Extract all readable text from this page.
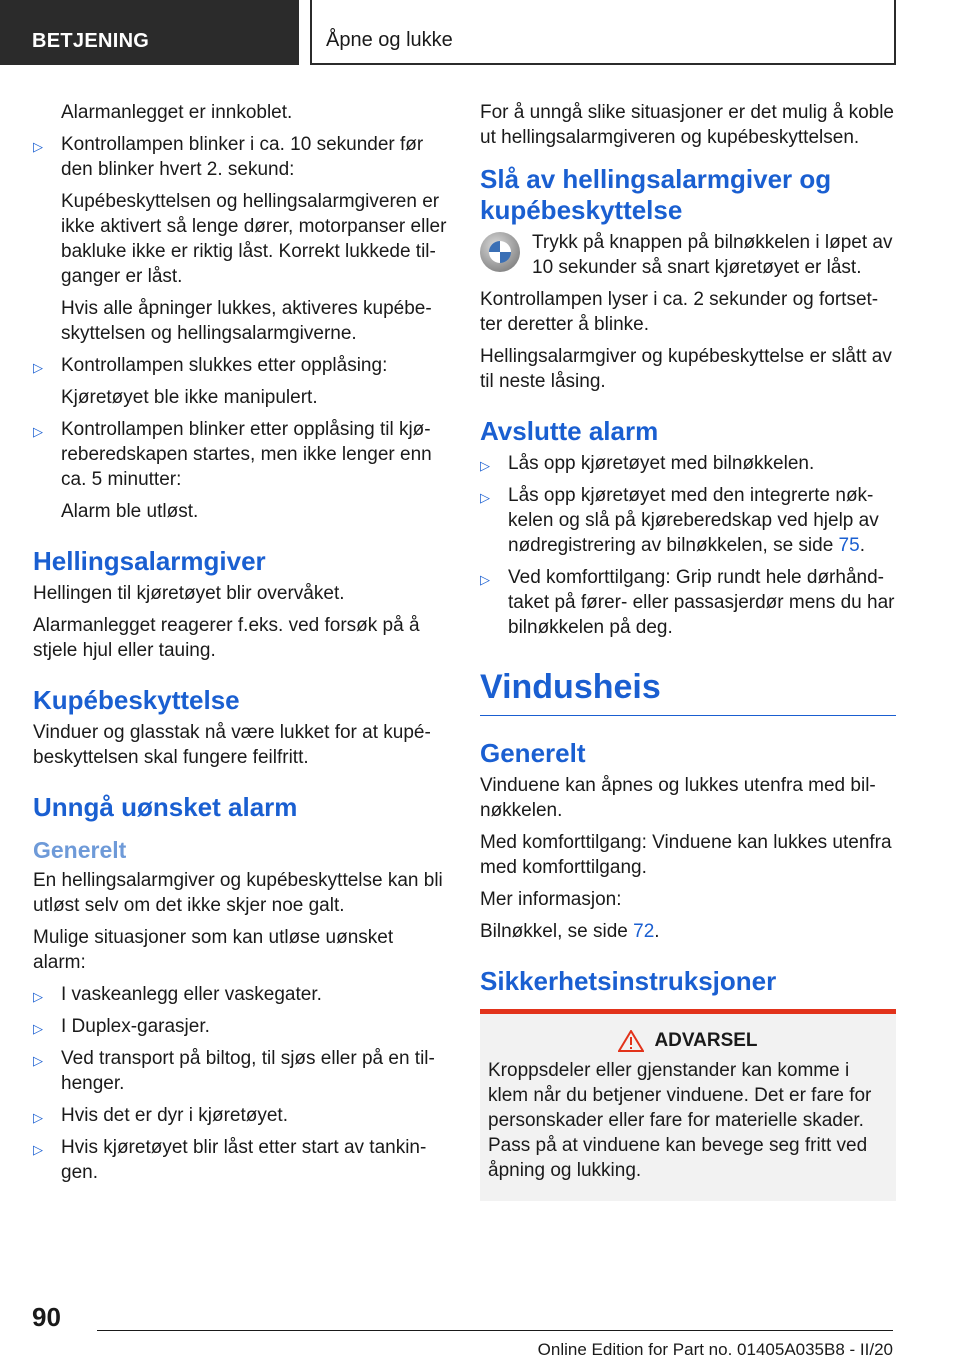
BETJENING	Åpne og lukke

Alarmanlegget er innkoblet.

▷ Kontrollampen blinker i ca. 10 sekunder før den blinker hvert 2. sekund:

Kupébeskyttelsen og hellingsalarmgiveren er ikke aktivert så lenge dører, motorpanser eller bakluke ikke er riktig låst. Korrekt lukkede til‐ganger er låst.

Hvis alle åpninger lukkes, aktiveres kupébe‐skyttelsen og hellingsalarmgiverne.

▷ Kontrollampen slukkes etter opplåsing:

Kjøretøyet ble ikke manipulert.

▷ Kontrollampen blinker etter opplåsing til kjø‐reberedskapen startes, men ikke lenger enn ca. 5 minutter:

Alarm ble utløst.

Hellingsalarmgiver

Hellingen til kjøretøyet blir overvåket.

Alarmanlegget reagerer f.eks. ved forsøk på å stjele hjul eller tauing.

Kupébeskyttelse

Vinduer og glasstak nå være lukket for at kupé‐beskyttelsen skal fungere feilfritt.

Unngå uønsket alarm
Generelt

En hellingsalarmgiver og kupébeskyttelse kan bli utløst selv om det ikke skjer noe galt.

Mulige situasjoner som kan utløse uønsket alarm:

▷ I vaskeanlegg eller vaskegater.
▷ I Duplex-garasjer.
▷ Ved transport på biltog, til sjøs eller på en til‐henger.
▷ Hvis det er dyr i kjøretøyet.
▷ Hvis kjøretøyet blir låst etter start av tankin‐gen.

For å unngå slike situasjoner er det mulig å koble ut hellingsalarmgiveren og kupébeskyttelsen.

Slå av hellingsalarmgiver og kupébeskyttelse

Trykk på knappen på bilnøkkelen i løpet av 10 sekunder så snart kjøretøyet er låst.

Kontrollampen lyser i ca. 2 sekunder og fortset‐ter deretter å blinke.

Hellingsalarmgiver og kupébeskyttelse er slått av til neste låsing.

Avslutte alarm
▷ Lås opp kjøretøyet med bilnøkkelen.
▷ Lås opp kjøretøyet med den integrerte nøk‐kelen og slå på kjøreberedskap ved hjelp av nødregistrering av bilnøkkelen, se side 75.
▷ Ved komforttilgang: Grip rundt hele dørhånd‐taket på fører- eller passasjerdør mens du har bilnøkkelen på deg.
Vindusheis
Generelt

Vinduene kan åpnes og lukkes utenfra med bil‐nøkkelen.

Med komforttilgang: Vinduene kan lukkes utenfra med komforttilgang.

Mer informasjon:

Bilnøkkel, se side 72.

Sikkerhetsinstruksjoner
ADVARSEL

Kroppsdeler eller gjenstander kan komme i klem når du betjener vinduene. Det er fare for personskader eller fare for materielle skader. Pass på at vinduene kan bevege seg fritt ved åpning og lukking.

90
Online Edition for Part no. 01405A035B8 - II/20
